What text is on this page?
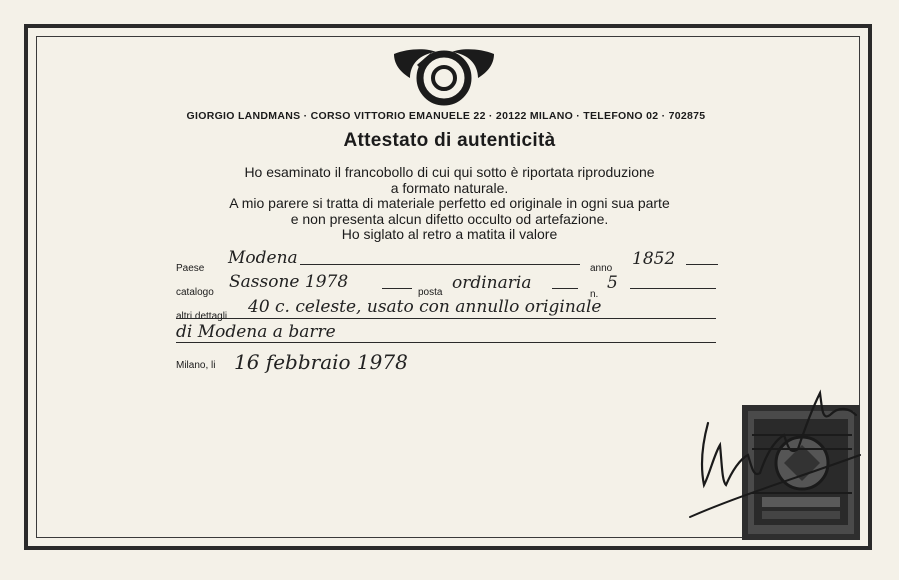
GIORGIO LANDMANS · CORSO VITTORIO EMANUELE 22 · 20122 MILANO · TELEFONO 02 · 702875
Attestato di autenticità
Ho esaminato il francobollo di cui qui sotto è riportata riproduzione
a formato naturale.
A mio parere si tratta di materiale perfetto ed originale in ogni sua parte
e non presenta alcun difetto occulto od artefazione.
Ho siglato al retro a matita il valore
Paese
Modena
anno 1852
catalogo
Sassone 1978
posta ordinaria
n.
5
altri dettagli 40 c. celeste, usato con annullo originale
di Modena a barre
Milano, li 16 febbraio 1978
